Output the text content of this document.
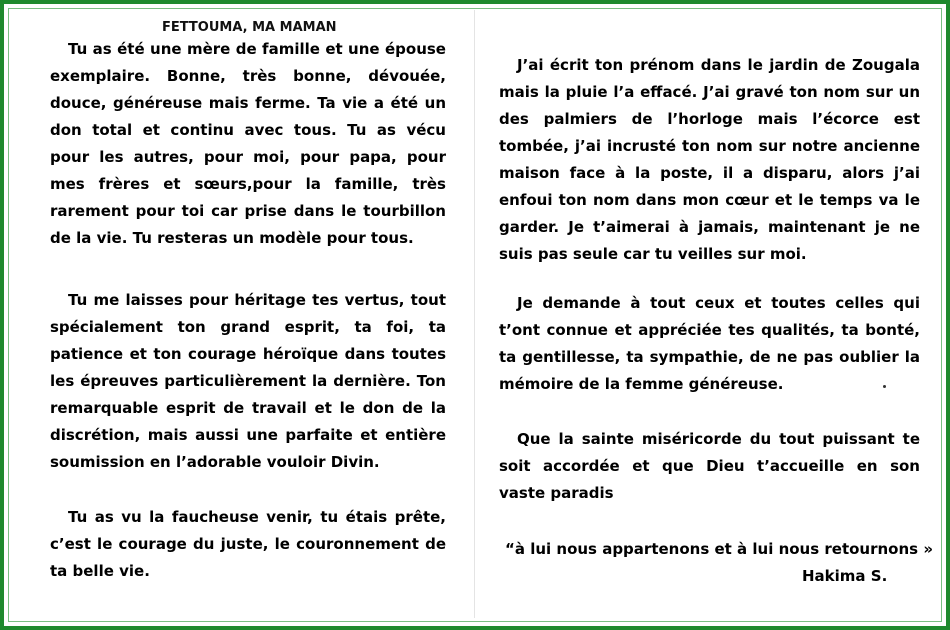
FETTOUMA, MA MAMAN

Tu as été une mère de famille et une épouse exemplaire. Bonne, très bonne, dévouée, douce, généreuse mais ferme. Ta vie a été un don total et continu avec tous. Tu as vécu pour les autres, pour moi, pour papa, pour mes frères et sœurs,pour la famille, très rarement pour toi car prise dans le tourbillon de la vie. Tu resteras un modèle pour tous.

Tu me laisses pour héritage tes vertus, tout spécialement ton grand esprit, ta foi, ta patience et ton courage héroïque dans toutes les épreuves particulièrement la dernière. Ton remarquable esprit de travail et le don de la discrétion, mais aussi une parfaite et entière soumission en l’adorable vouloir Divin.

Tu as vu la faucheuse venir, tu étais prête, c’est le courage du juste, le couronnement de ta belle vie.

J’ai écrit ton prénom dans le jardin de Zougala mais la pluie l’a effacé. J’ai gravé ton nom sur un des palmiers de l’horloge mais l’écorce est tombée, j’ai incrusté ton nom sur notre ancienne maison face à la poste, il a disparu, alors j’ai enfoui ton nom dans mon cœur et le temps va le garder. Je t’aimerai à jamais, maintenant je ne suis pas seule car tu veilles sur moi.

Je demande à tout ceux et toutes celles qui t’ont connue et appréciée tes qualités, ta bonté, ta gentillesse, ta sympathie, de ne pas oublier la mémoire de la femme généreuse.

Que la sainte miséricorde du tout puissant te soit accordée et que Dieu t’accueille en son vaste paradis

“à lui nous appartenons et à lui nous retournons »

Hakima S.
